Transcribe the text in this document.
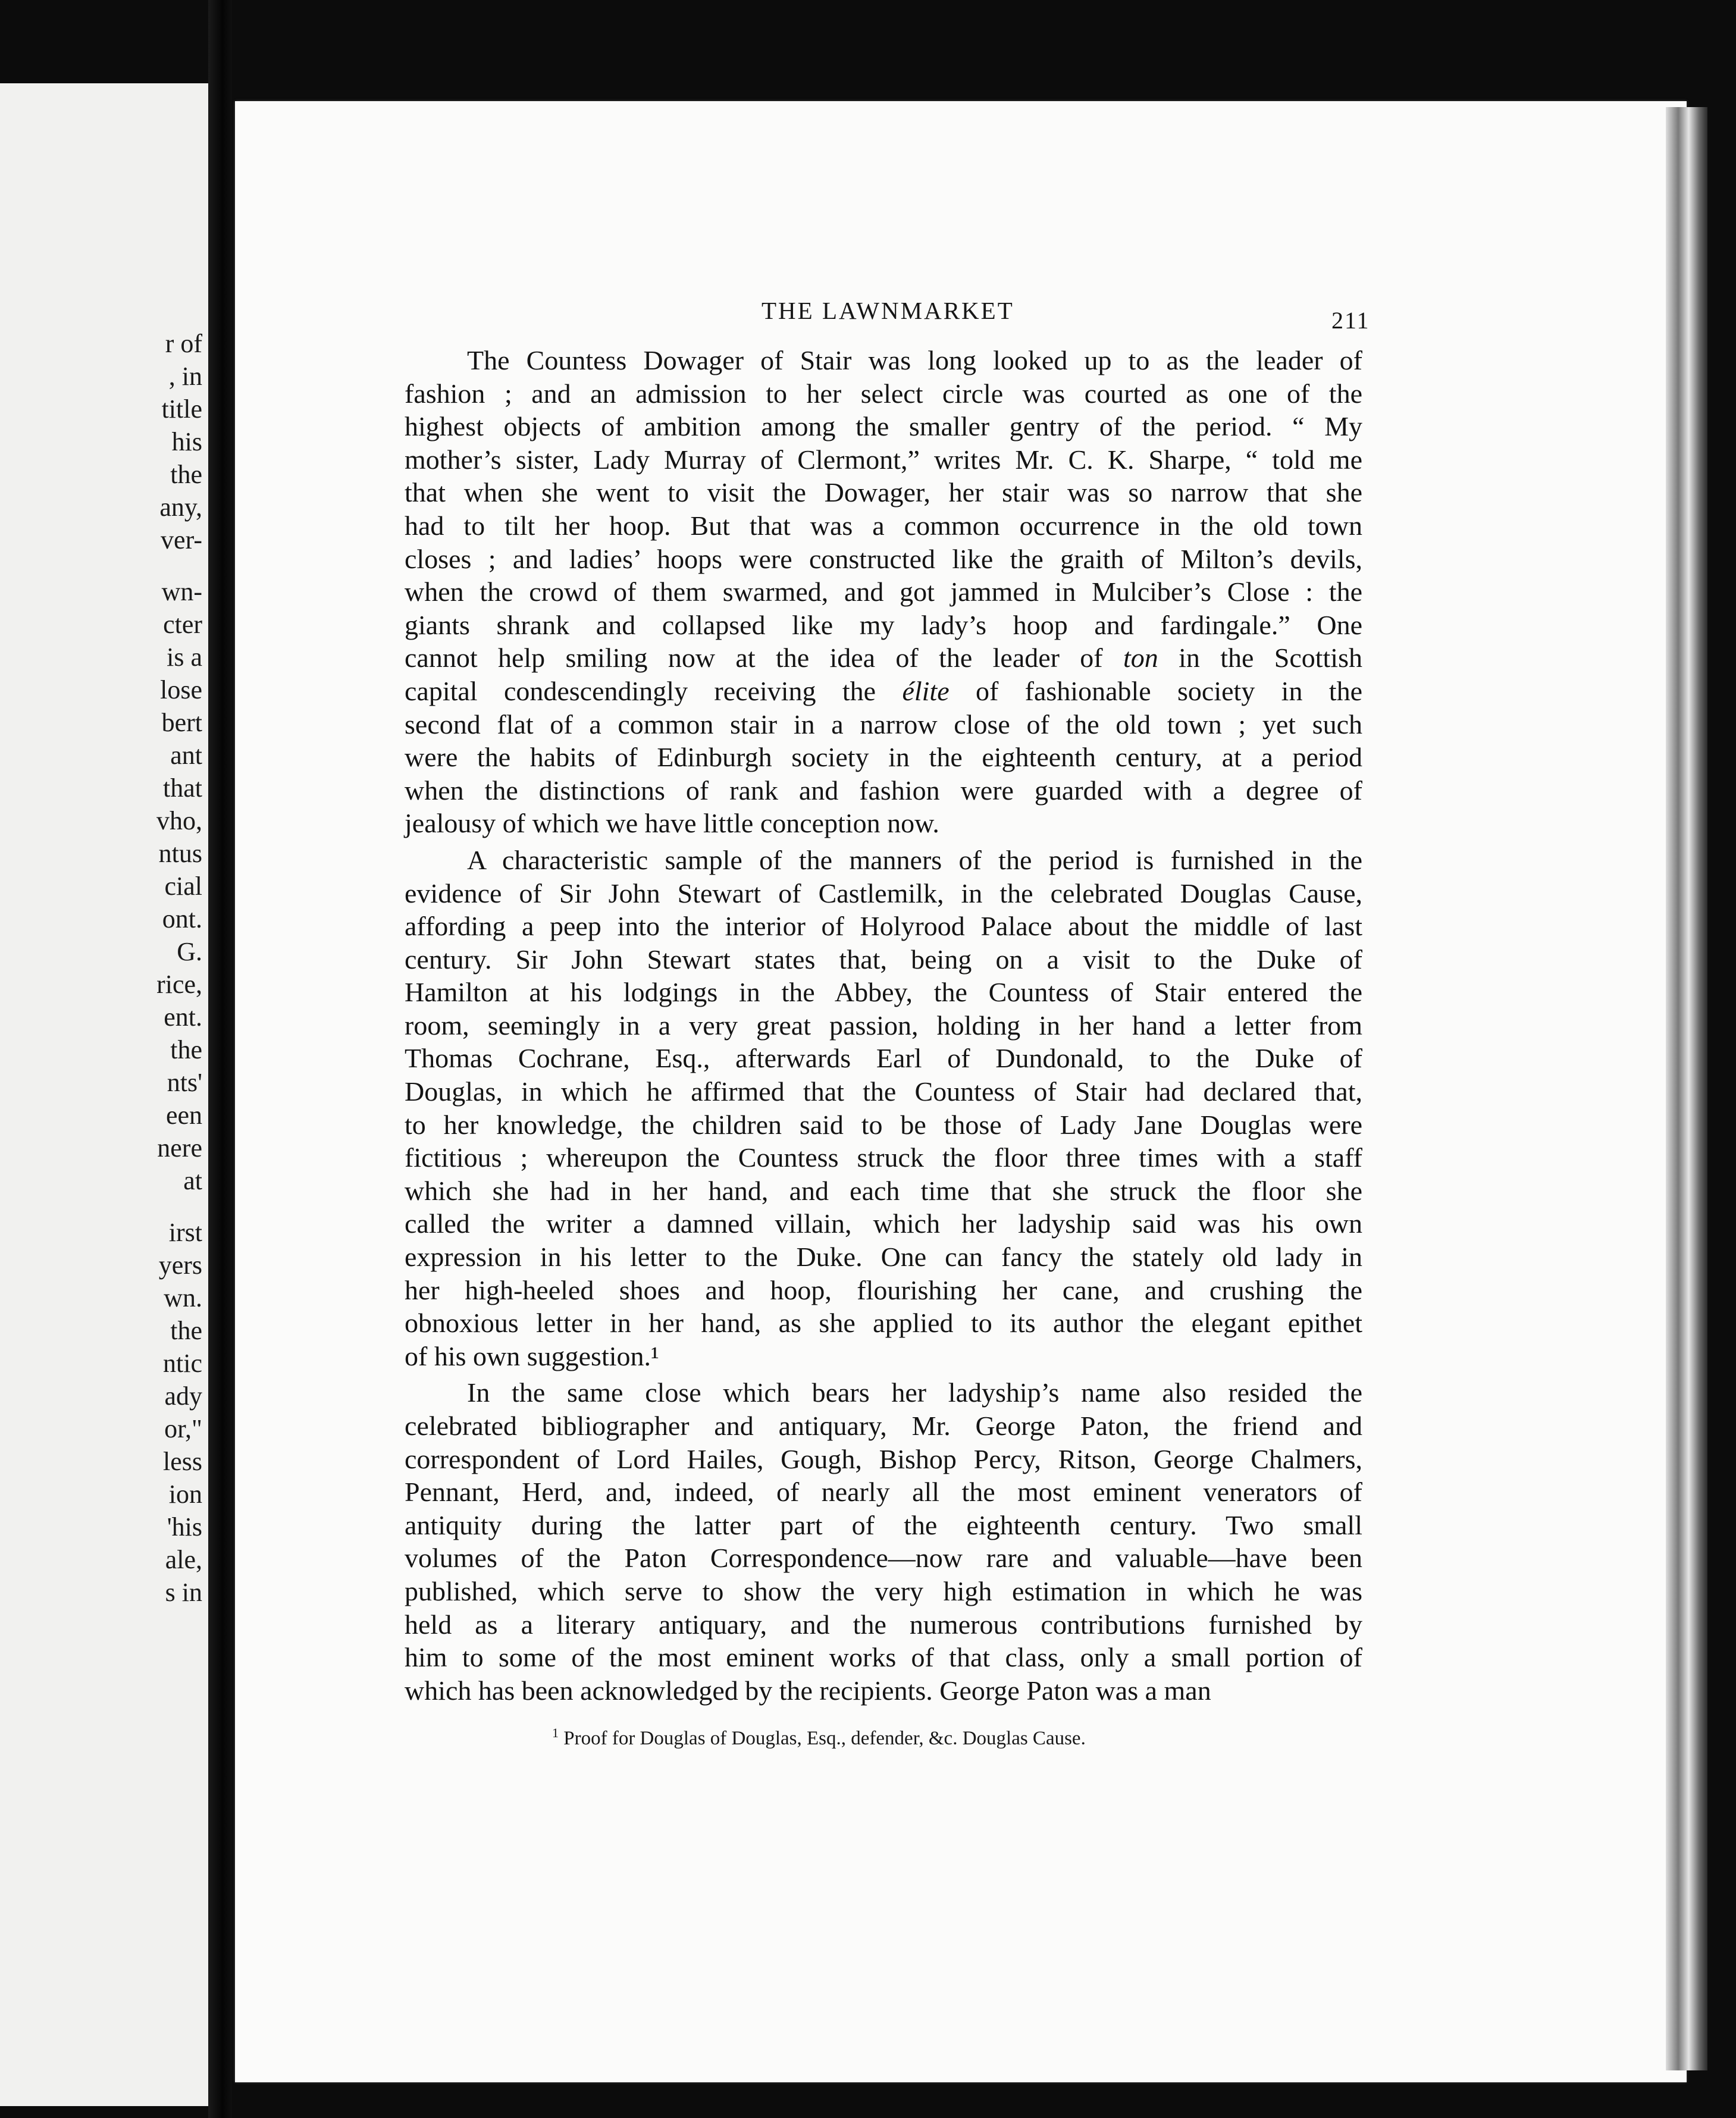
r of
, in
title
his
the
any,
ver-
wn-
cter
is a
lose
bert
ant
that
vho,
ntus
cial
ont.
G.
rice,
ent.
the
nts'
een
nere
at
irst
yers
wn.
the
ntic
ady
or,"
less
ion
'his
ale,
s in
THE LAWNMARKET	211
The Countess Dowager of Stair was long looked up to as the leader of
fashion ; and an admission to her select circle was courted as one of the
highest objects of ambition among the smaller gentry of the period. “ My
mother’s sister, Lady Murray of Clermont,” writes Mr. C. K. Sharpe, “ told me
that when she went to visit the Dowager, her stair was so narrow that she
had to tilt her hoop. But that was a common occurrence in the old town
closes ; and ladies’ hoops were constructed like the graith of Milton’s devils,
when the crowd of them swarmed, and got jammed in Mulciber’s Close : the
giants shrank and collapsed like my lady’s hoop and fardingale.” One
cannot help smiling now at the idea of the leader of ton in the Scottish
capital condescendingly receiving the élite of fashionable society in the
second flat of a common stair in a narrow close of the old town ; yet such
were the habits of Edinburgh society in the eighteenth century, at a period
when the distinctions of rank and fashion were guarded with a degree of
jealousy of which we have little conception now.
A characteristic sample of the manners of the period is furnished in the
evidence of Sir John Stewart of Castlemilk, in the celebrated Douglas Cause,
affording a peep into the interior of Holyrood Palace about the middle of last
century. Sir John Stewart states that, being on a visit to the Duke of
Hamilton at his lodgings in the Abbey, the Countess of Stair entered the
room, seemingly in a very great passion, holding in her hand a letter from
Thomas Cochrane, Esq., afterwards Earl of Dundonald, to the Duke of
Douglas, in which he affirmed that the Countess of Stair had declared that,
to her knowledge, the children said to be those of Lady Jane Douglas were
fictitious ; whereupon the Countess struck the floor three times with a staff
which she had in her hand, and each time that she struck the floor she
called the writer a damned villain, which her ladyship said was his own
expression in his letter to the Duke. One can fancy the stately old lady in
her high-heeled shoes and hoop, flourishing her cane, and crushing the
obnoxious letter in her hand, as she applied to its author the elegant epithet
of his own suggestion.¹
In the same close which bears her ladyship’s name also resided the
celebrated bibliographer and antiquary, Mr. George Paton, the friend and
correspondent of Lord Hailes, Gough, Bishop Percy, Ritson, George Chalmers,
Pennant, Herd, and, indeed, of nearly all the most eminent venerators of
antiquity during the latter part of the eighteenth century. Two small
volumes of the Paton Correspondence—now rare and valuable—have been
published, which serve to show the very high estimation in which he was
held as a literary antiquary, and the numerous contributions furnished by
him to some of the most eminent works of that class, only a small portion of
which has been acknowledged by the recipients. George Paton was a man
$^1$ Proof for Douglas of Douglas, Esq., defender, &c. Douglas Cause.
